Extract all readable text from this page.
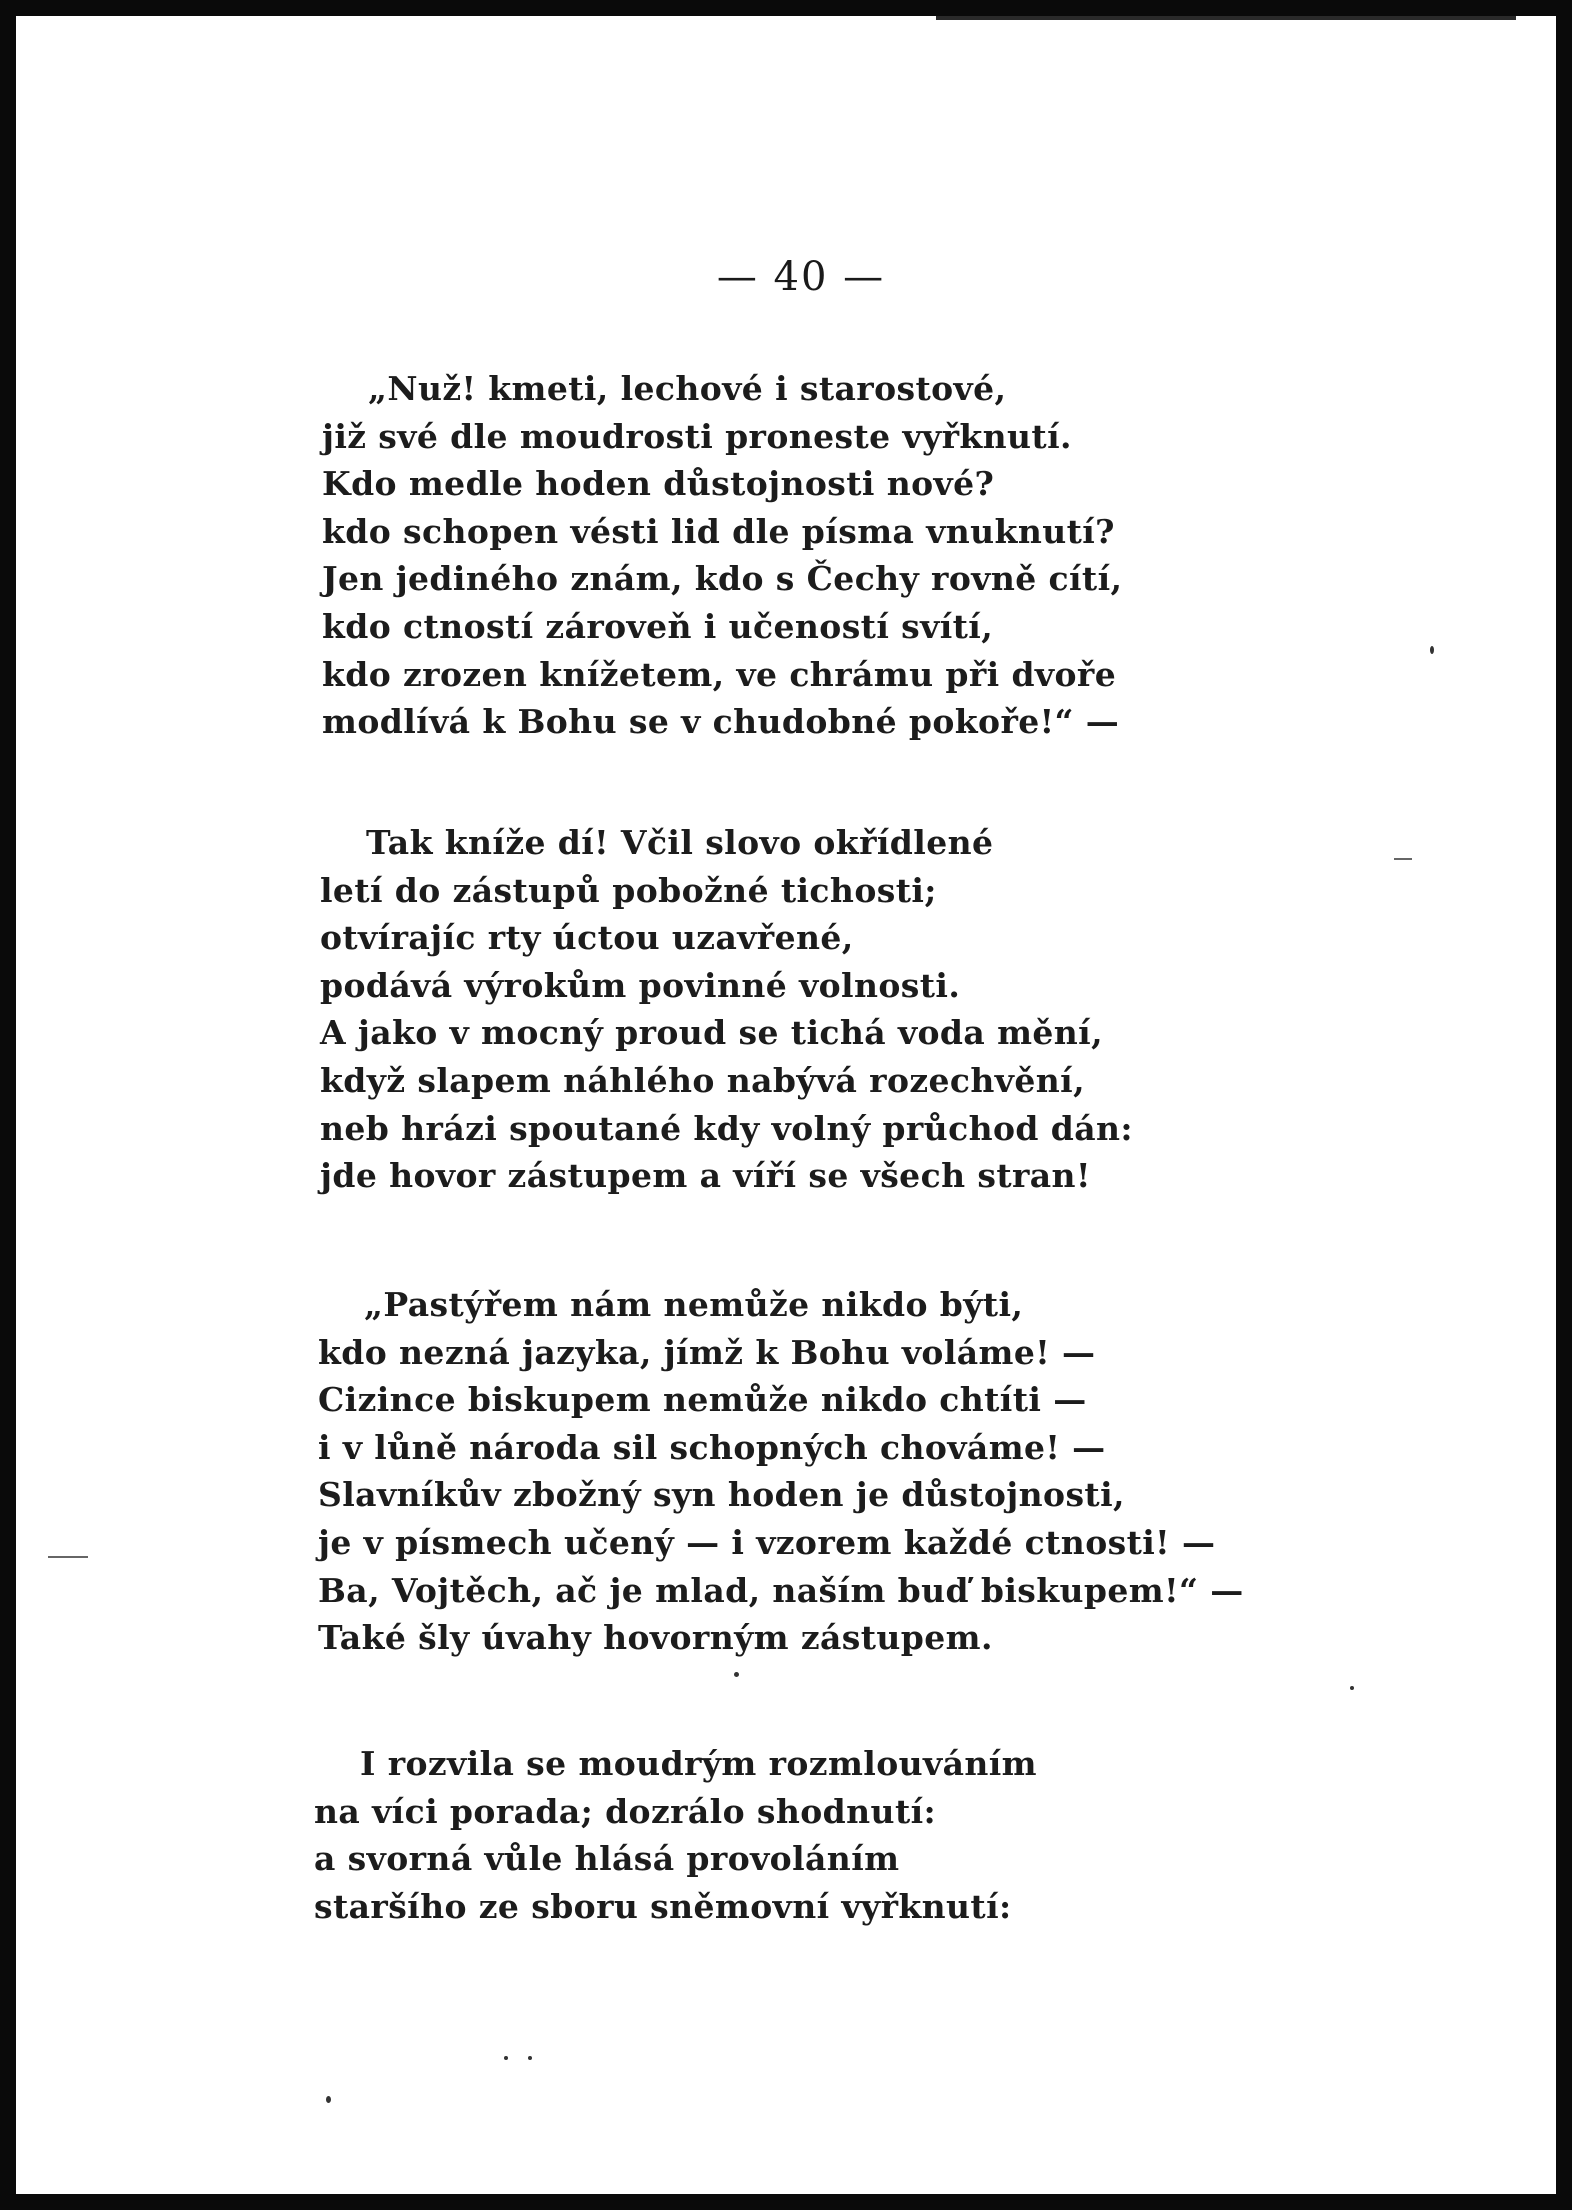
— 40 —
„Nuž! kmeti, lechové i starostové,
již své dle moudrosti proneste vyřknutí.
Kdo medle hoden důstojnosti nové?
kdo schopen vésti lid dle písma vnuknutí?
Jen jediného znám, kdo s Čechy rovně cítí,
kdo ctností zároveň i učeností svítí,
kdo zrozen knížetem, ve chrámu při dvoře
modlívá k Bohu se v chudobné pokoře!“ —
Tak kníže dí! Včil slovo okřídlené
letí do zástupů pobožné tichosti;
otvírajíc rty úctou uzavřené,
podává výrokům povinné volnosti.
A jako v mocný proud se tichá voda mění,
když slapem náhlého nabývá rozechvění,
neb hrázi spoutané kdy volný průchod dán:
jde hovor zástupem a víří se všech stran!
„Pastýřem nám nemůže nikdo býti,
kdo nezná jazyka, jímž k Bohu voláme! —
Cizince biskupem nemůže nikdo chtíti —
i v lůně národa sil schopných chováme! —
Slavníkův zbožný syn hoden je důstojnosti,
je v písmech učený — i vzorem každé ctnosti! —
Ba, Vojtěch, ač je mlad, naším buď biskupem!“ —
Také šly úvahy hovorným zástupem.
I rozvila se moudrým rozmlouváním
na víci porada; dozrálo shodnutí:
a svorná vůle hlásá provoláním
staršího ze sboru sněmovní vyřknutí:
